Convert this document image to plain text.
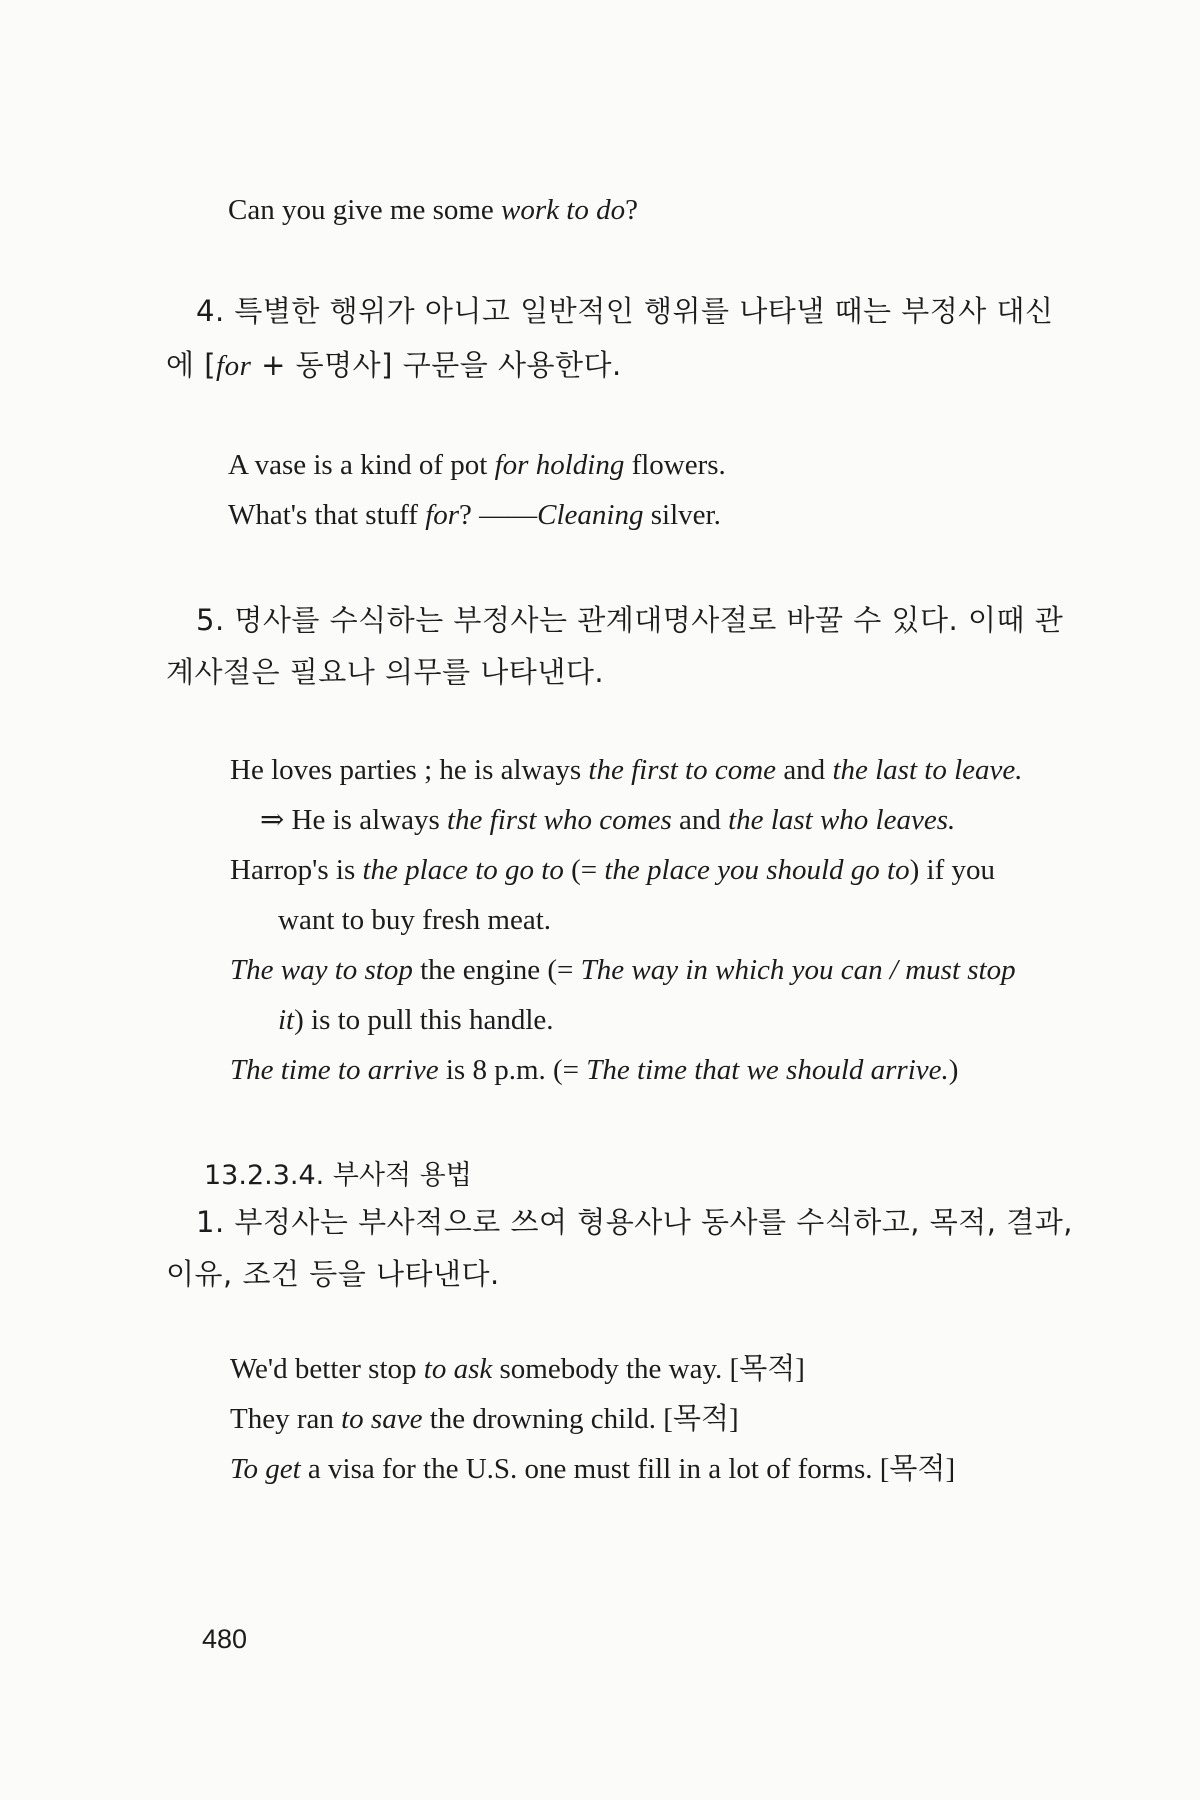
Can you give me some work to do?
4. 특별한 행위가 아니고 일반적인 행위를 나타낼 때는 부정사 대신
에 [for + 동명사] 구문을 사용한다.
A vase is a kind of pot for holding flowers.
What's that stuff for? ——Cleaning silver.
5. 명사를 수식하는 부정사는 관계대명사절로 바꿀 수 있다. 이때 관
계사절은 필요나 의무를 나타낸다.
He loves parties ; he is always the first to come and the last to leave.
⇒ He is always the first who comes and the last who leaves.
Harrop's is the place to go to (= the place you should go to) if you
want to buy fresh meat.
The way to stop the engine (= The way in which you can / must stop
it) is to pull this handle.
The time to arrive is 8 p.m. (= The time that we should arrive.)
13.2.3.4. 부사적 용법
1. 부정사는 부사적으로 쓰여 형용사나 동사를 수식하고, 목적, 결과,
이유, 조건 등을 나타낸다.
We'd better stop to ask somebody the way. [목적]
They ran to save the drowning child. [목적]
To get a visa for the U.S. one must fill in a lot of forms. [목적]
480
